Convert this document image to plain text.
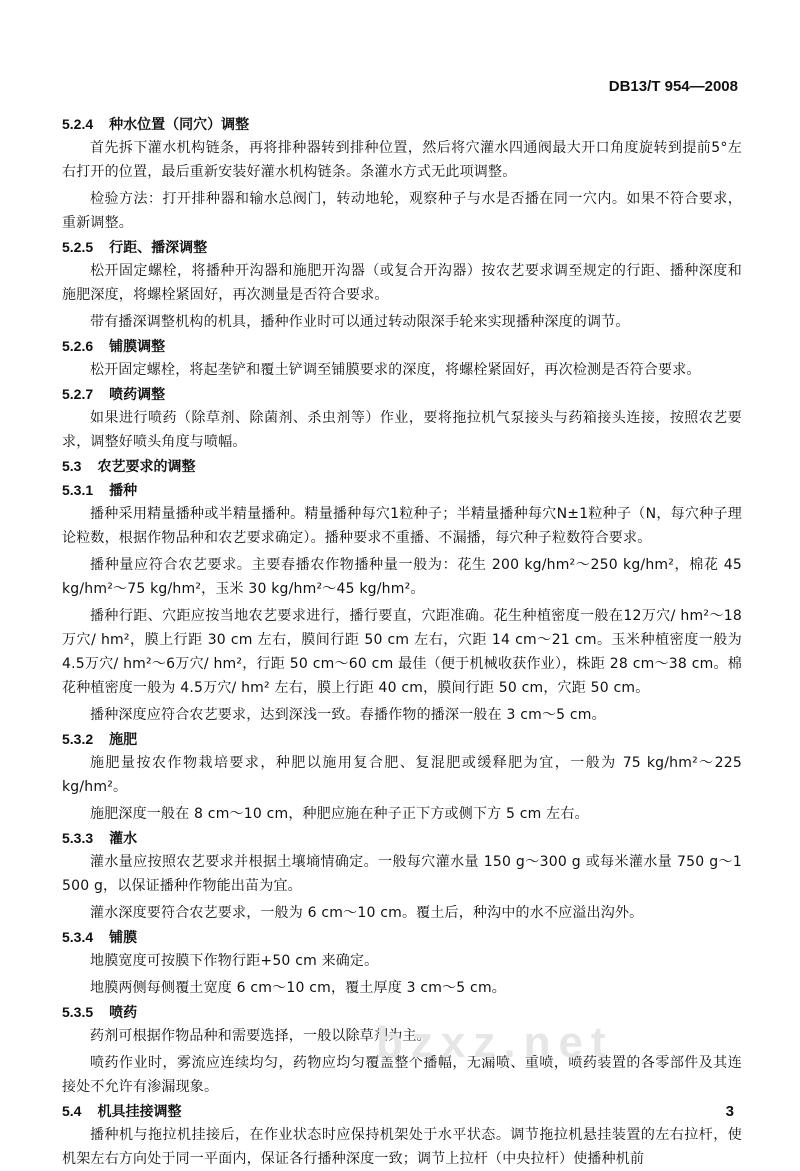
DB13/T 954—2008
5.2.4 种水位置（同穴）调整

首先拆下灌水机构链条，再将排种器转到排种位置，然后将穴灌水四通阀最大开口角度旋转到提前5°左右打开的位置，最后重新安装好灌水机构链条。条灌水方式无此项调整。

检验方法：打开排种器和输水总阀门，转动地轮，观察种子与水是否播在同一穴内。如果不符合要求，重新调整。

5.2.5 行距、播深调整

松开固定螺栓，将播种开沟器和施肥开沟器（或复合开沟器）按农艺要求调至规定的行距、播种深度和施肥深度，将螺栓紧固好，再次测量是否符合要求。

带有播深调整机构的机具，播种作业时可以通过转动限深手轮来实现播种深度的调节。

5.2.6 铺膜调整

松开固定螺栓，将起垄铲和覆土铲调至铺膜要求的深度，将螺栓紧固好，再次检测是否符合要求。

5.2.7 喷药调整

如果进行喷药（除草剂、除菌剂、杀虫剂等）作业，要将拖拉机气泵接头与药箱接头连接，按照农艺要求，调整好喷头角度与喷幅。

5.3 农艺要求的调整
5.3.1 播种

播种采用精量播种或半精量播种。精量播种每穴1粒种子；半精量播种每穴N±1粒种子（N，每穴种子理论粒数，根据作物品种和农艺要求确定）。播种要求不重播、不漏播，每穴种子粒数符合要求。

播种量应符合农艺要求。主要春播农作物播种量一般为：花生 200 kg/hm²～250 kg/hm²，棉花 45 kg/hm²～75 kg/hm²，玉米 30 kg/hm²～45 kg/hm²。

播种行距、穴距应按当地农艺要求进行，播行要直，穴距准确。花生种植密度一般在12万穴/ hm²～18万穴/ hm²，膜上行距 30 cm 左右，膜间行距 50 cm 左右，穴距 14 cm～21 cm。玉米种植密度一般为 4.5万穴/ hm²～6万穴/ hm²，行距 50 cm～60 cm 最佳（便于机械收获作业），株距 28 cm～38 cm。棉花种植密度一般为 4.5万穴/ hm² 左右，膜上行距 40 cm，膜间行距 50 cm，穴距 50 cm。

播种深度应符合农艺要求，达到深浅一致。春播作物的播深一般在 3 cm～5 cm。

5.3.2 施肥

施肥量按农作物栽培要求，种肥以施用复合肥、复混肥或缓释肥为宜，一般为 75 kg/hm²～225 kg/hm²。

施肥深度一般在 8 cm～10 cm，种肥应施在种子正下方或侧下方 5 cm 左右。

5.3.3 灌水

灌水量应按照农艺要求并根据土壤墒情确定。一般每穴灌水量 150 g～300 g 或每米灌水量 750 g～1 500 g，以保证播种作物能出苗为宜。

灌水深度要符合农艺要求，一般为 6 cm～10 cm。覆土后，种沟中的水不应溢出沟外。

5.3.4 铺膜

地膜宽度可按膜下作物行距+50 cm 来确定。

地膜两侧每侧覆土宽度 6 cm～10 cm，覆土厚度 3 cm～5 cm。

5.3.5 喷药

药剂可根据作物品种和需要选择，一般以除草剂为主。

喷药作业时，雾流应连续均匀，药物应均匀覆盖整个播幅，无漏喷、重喷，喷药装置的各零部件及其连接处不允许有渗漏现象。

5.4 机具挂接调整

播种机与拖拉机挂接后，在作业状态时应保持机架处于水平状态。调节拖拉机悬挂装置的左右拉杆，使机架左右方向处于同一平面内，保证各行播种深度一致；调节上拉杆（中央拉杆）使播种机前

bzxz.net
3
